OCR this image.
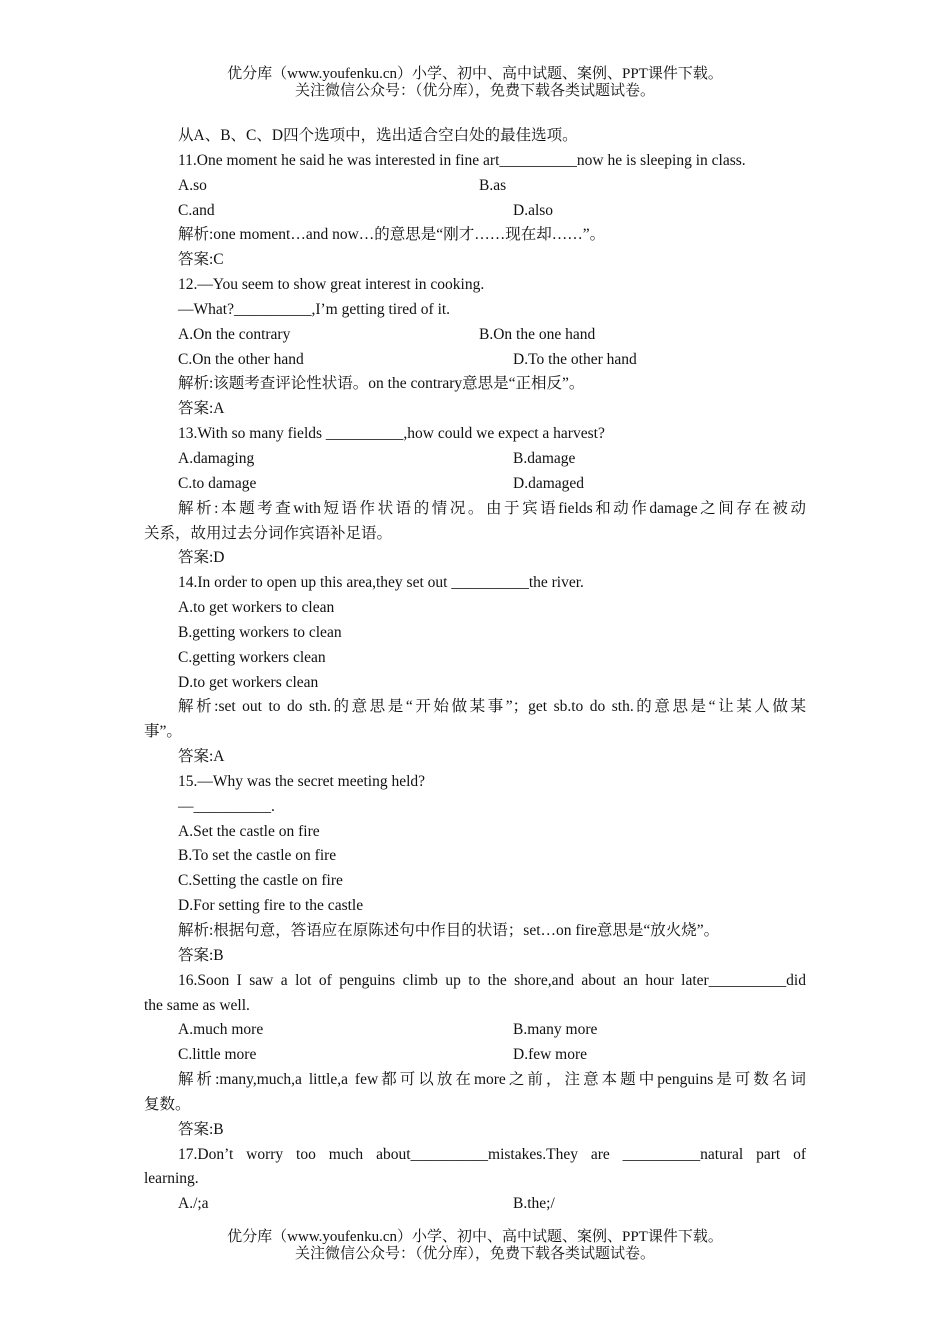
优分库（www.youfenku.cn）小学、初中、高中试题、案例、PPT课件下载。
关注微信公众号：（优分库），免费下载各类试题试卷。
从A、B、C、D四个选项中，选出适合空白处的最佳选项。
11.One moment he said he was interested in fine art__________now he is sleeping in class.
A.so	B.as
C.and	D.also
解析:one moment…and now…的意思是“刚才……现在却……”。
答案:C
12.—You seem to show great interest in cooking.
—What?__________,I’m getting tired of it.
A.On the contrary	B.On the one hand
C.On the other hand	D.To the other hand
解析:该题考查评论性状语。on the contrary意思是“正相反”。
答案:A
13.With so many fields __________,how could we expect a harvest?
A.damaging	B.damage
C.to damage	D.damaged
解析:本题考查with短语作状语的情况。由于宾语fields和动作damage之间存在被动
关系，故用过去分词作宾语补足语。
答案:D
14.In order to open up this area,they set out __________the river.
A.to get workers to clean
B.getting workers to clean
C.getting workers clean
D.to get workers clean
解析:set out to do sth.的意思是“开始做某事”；get sb.to do sth.的意思是“让某人做某
事”。
答案:A
15.—Why was the secret meeting held?
—__________.
A.Set the castle on fire
B.To set the castle on fire
C.Setting the castle on fire
D.For setting fire to the castle
解析:根据句意，答语应在原陈述句中作目的状语；set…on fire意思是“放火烧”。
答案:B
16.Soon I saw a lot of penguins climb up to the shore,and about an hour later__________did
the same as well.
A.much more	B.many more
C.little more	D.few more
解析:many,much,a little,a few都可以放在more之前，注意本题中penguins是可数名词
复数。
答案:B
17.Don’t worry too much about__________mistakes.They are __________natural part of
learning.
A./;a	B.the;/
优分库（www.youfenku.cn）小学、初中、高中试题、案例、PPT课件下载。
关注微信公众号：（优分库），免费下载各类试题试卷。
